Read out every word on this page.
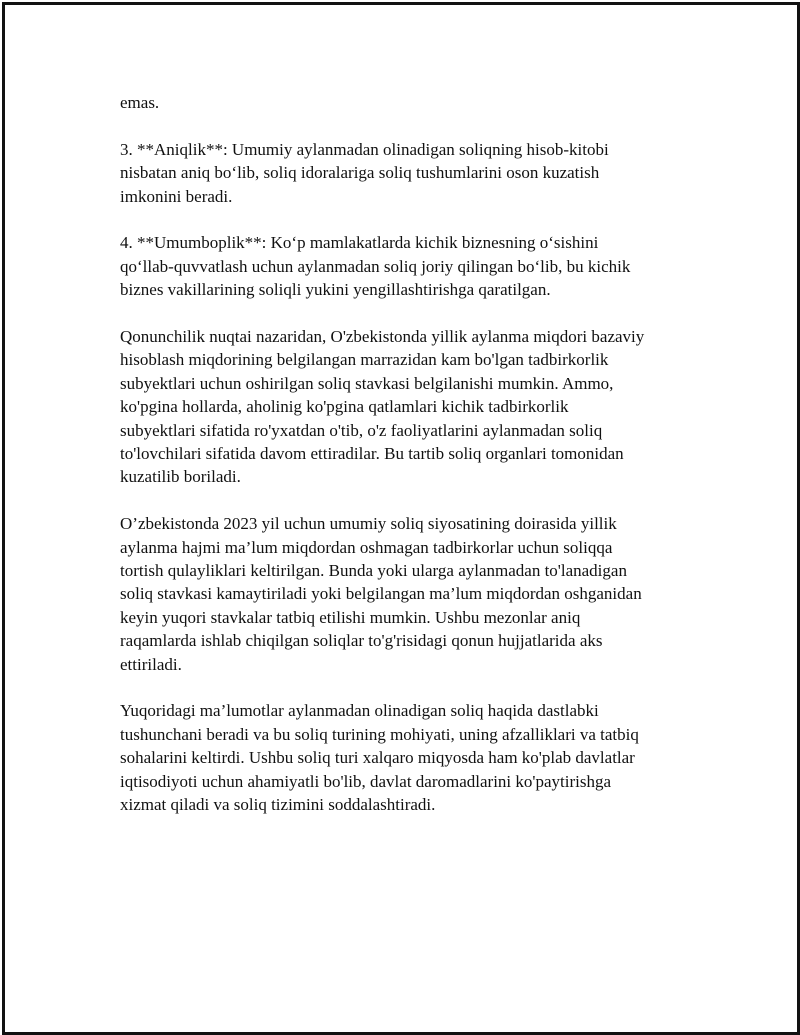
emas.

3. **Aniqlik**: Umumiy aylanmadan olinadigan soliqning hisob-kitobi
nisbatan aniq bo‘lib, soliq idoralariga soliq tushumlarini oson kuzatish
imkonini beradi.

4. **Umumboplik**: Ko‘p mamlakatlarda kichik biznesning o‘sishini
qo‘llab-quvvatlash uchun aylanmadan soliq joriy qilingan bo‘lib, bu kichik
biznes vakillarining soliqli yukini yengillashtirishga qaratilgan.

Qonunchilik nuqtai nazaridan, O'zbekistonda yillik aylanma miqdori bazaviy
hisoblash miqdorining belgilangan marrazidan kam bo'lgan tadbirkorlik
subyektlari uchun oshirilgan soliq stavkasi belgilanishi mumkin. Ammo,
ko'pgina hollarda, aholinig ko'pgina qatlamlari kichik tadbirkorlik
subyektlari sifatida ro'yxatdan o'tib, o'z faoliyatlarini aylanmadan soliq
to'lovchilari sifatida davom ettiradilar. Bu tartib soliq organlari tomonidan
kuzatilib boriladi.

O’zbekistonda 2023 yil uchun umumiy soliq siyosatining doirasida yillik
aylanma hajmi ma’lum miqdordan oshmagan tadbirkorlar uchun soliqqa
tortish qulayliklari keltirilgan. Bunda yoki ularga aylanmadan to'lanadigan
soliq stavkasi kamaytiriladi yoki belgilangan ma’lum miqdordan oshganidan
keyin yuqori stavkalar tatbiq etilishi mumkin. Ushbu mezonlar aniq
raqamlarda ishlab chiqilgan soliqlar to'g'risidagi qonun hujjatlarida aks
ettiriladi.

Yuqoridagi ma’lumotlar aylanmadan olinadigan soliq haqida dastlabki
tushunchani beradi va bu soliq turining mohiyati, uning afzalliklari va tatbiq
sohalarini keltirdi. Ushbu soliq turi xalqaro miqyosda ham ko'plab davlatlar
iqtisodiyoti uchun ahamiyatli bo'lib, davlat daromadlarini ko'paytirishga
xizmat qiladi va soliq tizimini soddalashtiradi.
